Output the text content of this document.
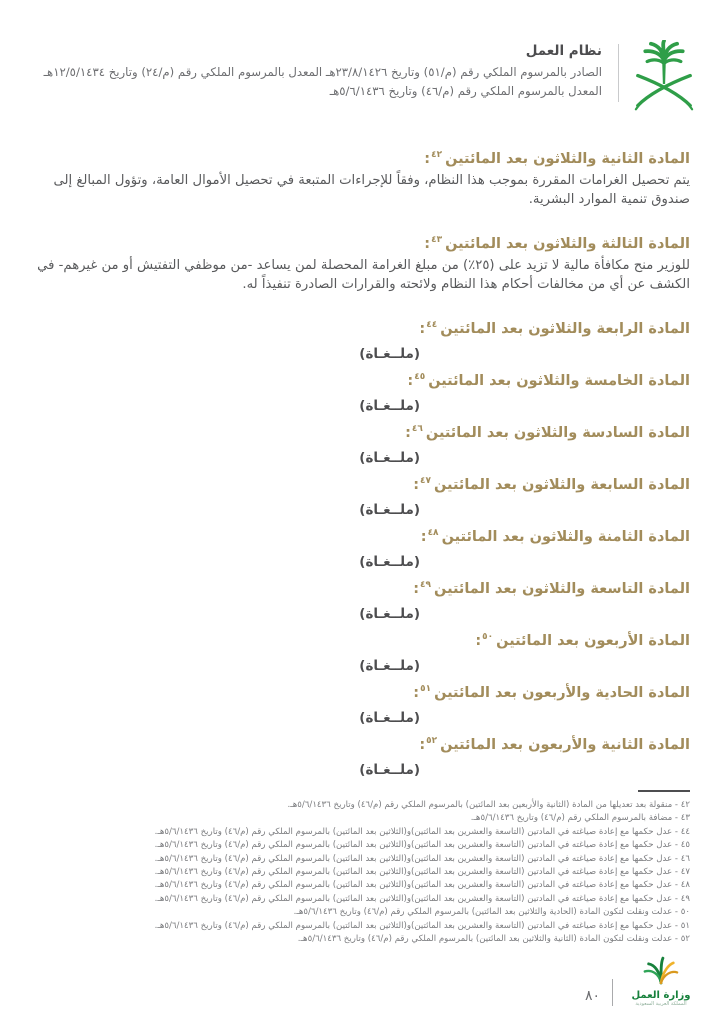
نظام العمل
الصادر بالمرسوم الملكي رقم (م/٥١) وتاريخ ٢٣/٨/١٤٢٦هـ المعدل بالمرسوم الملكي رقم (م/٢٤) وتاريخ ١٢/٥/١٤٣٤هـ
المعدل بالمرسوم الملكي رقم (م/٤٦) وتاريخ ٥/٦/١٤٣٦هـ
المادة الثانية والثلاثون بعد المائتين$^{٤٢}$:

يتم تحصيل الغرامات المقررة بموجب هذا النظام، وفقاً للإجراءات المتبعة في تحصيل الأموال العامة، وتؤول المبالغ إلى صندوق تنمية الموارد البشرية.

المادة الثالثة والثلاثون بعد المائتين$^{٤٣}$:

للوزير منح مكافأة مالية لا تزيد على (٢٥٪) من مبلغ الغرامة المحصلة لمن يساعد -من موظفي التفتيش أو من غيرهم- في الكشف عن أي من مخالفات أحكام هذا النظام ولائحته والقرارات الصادرة تنفيذاً له.

المادة الرابعة والثلاثون بعد المائتين$^{٤٤}$:
(ملــغـاة)
المادة الخامسة والثلاثون بعد المائتين$^{٤٥}$:
(ملــغـاة)
المادة السادسة والثلاثون بعد المائتين$^{٤٦}$:
(ملــغـاة)
المادة السابعة والثلاثون بعد المائتين$^{٤٧}$:
(ملــغـاة)
المادة الثامنة والثلاثون بعد المائتين$^{٤٨}$:
(ملــغـاة)
المادة التاسعة والثلاثون بعد المائتين$^{٤٩}$:
(ملــغـاة)
المادة الأربعون بعد المائتين$^{٥٠}$:
(ملــغـاة)
المادة الحادية والأربعون بعد المائتين$^{٥١}$:
(ملــغـاة)
المادة الثانية والأربعون بعد المائتين$^{٥٢}$:
(ملــغـاة)
٤٢ - منقولة بعد تعديلها من المادة (الثانية والأربعين بعد المائتين) بالمرسوم الملكي رقم (م/٤٦) وتاريخ ٥/٦/١٤٣٦هـ.
٤٣ - مضافة بالمرسوم الملكي رقم (م/٤٦) وتاريخ ٥/٦/١٤٣٦هـ.
٤٤ - عدل حكمها مع إعادة صياغته في المادتين (التاسعة والعشرين بعد المائتين)و(الثلاثين بعد المائتين) بالمرسوم الملكي رقم (م/٤٦) وتاريخ ٥/٦/١٤٣٦هـ.
٤٥ - عدل حكمها مع إعادة صياغته في المادتين (التاسعة والعشرين بعد المائتين)و(الثلاثين بعد المائتين) بالمرسوم الملكي رقم (م/٤٦) وتاريخ ٥/٦/١٤٣٦هـ.
٤٦ - عدل حكمها مع إعادة صياغته في المادتين (التاسعة والعشرين بعد المائتين)و(الثلاثين بعد المائتين) بالمرسوم الملكي رقم (م/٤٦) وتاريخ ٥/٦/١٤٣٦هـ.
٤٧ - عدل حكمها مع إعادة صياغته في المادتين (التاسعة والعشرين بعد المائتين)و(الثلاثين بعد المائتين) بالمرسوم الملكي رقم (م/٤٦) وتاريخ ٥/٦/١٤٣٦هـ.
٤٨ - عدل حكمها مع إعادة صياغته في المادتين (التاسعة والعشرين بعد المائتين)و(الثلاثين بعد المائتين) بالمرسوم الملكي رقم (م/٤٦) وتاريخ ٥/٦/١٤٣٦هـ.
٤٩ - عدل حكمها مع إعادة صياغته في المادتين (التاسعة والعشرين بعد المائتين)و(الثلاثين بعد المائتين) بالمرسوم الملكي رقم (م/٤٦) وتاريخ ٥/٦/١٤٣٦هـ.
٥٠ - عدلت ونقلت لتكون المادة (الحادية والثلاثين بعد المائتين) بالمرسوم الملكي رقم (م/٤٦) وتاريخ ٥/٦/١٤٣٦هـ.
٥١ - عدل حكمها مع إعادة صياغته في المادتين (التاسعة والعشرين بعد المائتين)و(الثلاثين بعد المائتين) بالمرسوم الملكي رقم (م/٤٦) وتاريخ ٥/٦/١٤٣٦هـ.
٥٢ - عدلت ونقلت لتكون المادة (الثانية والثلاثين بعد المائتين) بالمرسوم الملكي رقم (م/٤٦) وتاريخ ٥/٦/١٤٣٦هـ.
وزارة العمل
المملكة العربية السعودية
٨٠
